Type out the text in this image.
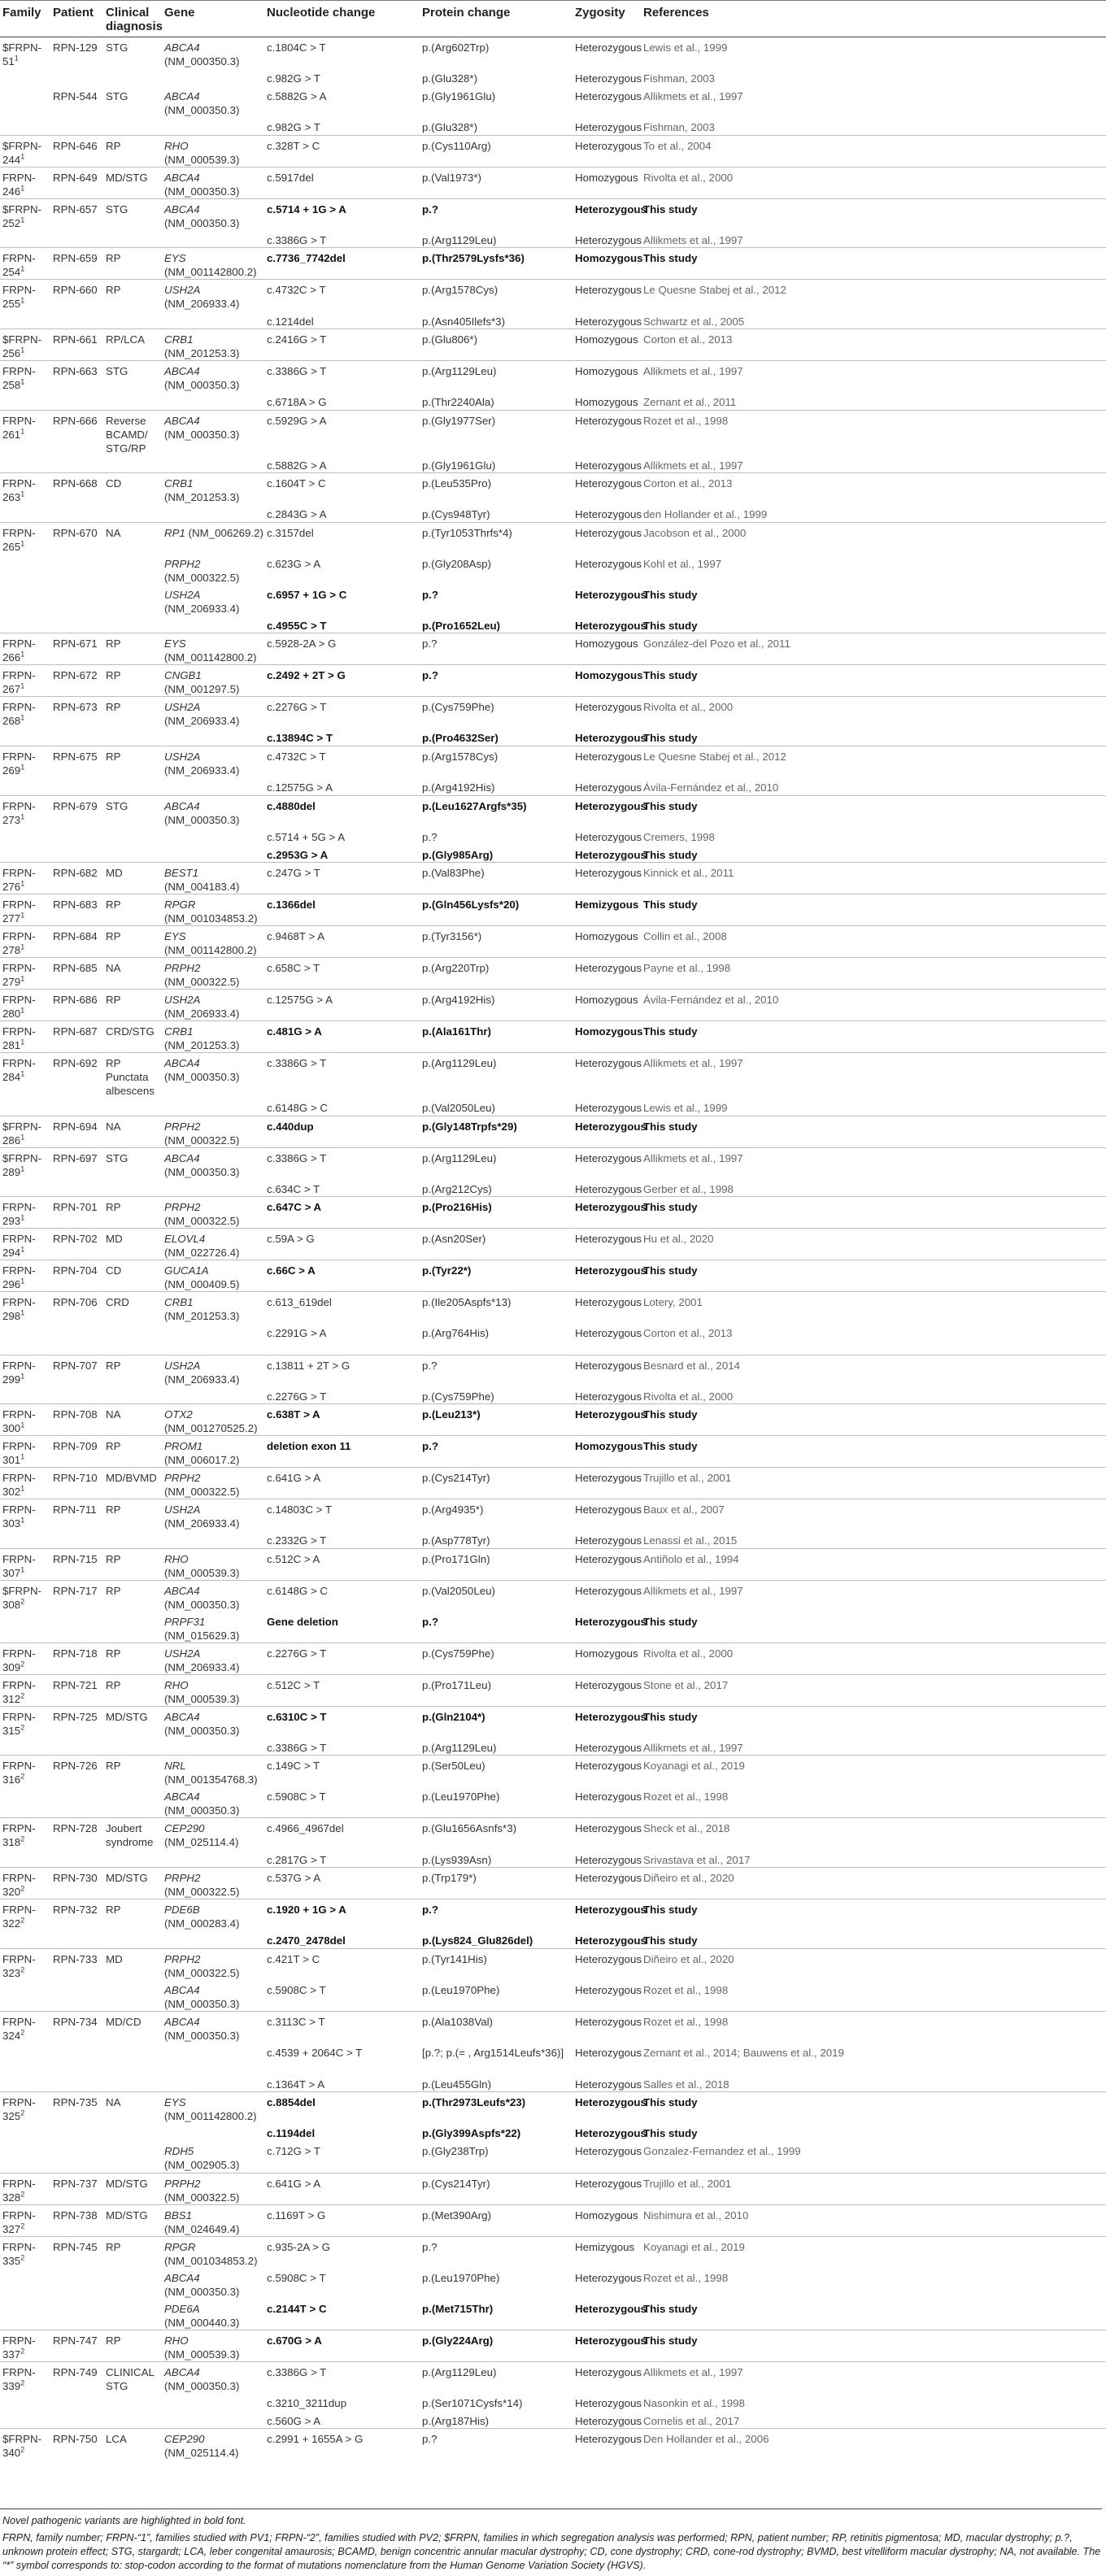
Family	Patient	Clinical diagnosis	Gene	Nucleotide change	Protein change	Zygosity	References
$\$FRPN-51^1$	RPN-129	STG	ABCA4 (NM_000350.3)	c.1804C > T	p.(Arg602Trp)	Heterozygous	Lewis et al., 1999
				c.982G > T	p.(Glu328*)	Heterozygous	Fishman, 2003
	RPN-544	STG	ABCA4 (NM_000350.3)	c.5882G > A	p.(Gly1961Glu)	Heterozygous	Allikmets et al., 1997
				c.982G > T	p.(Glu328*)	Heterozygous	Fishman, 2003
$\$FRPN-244^1$	RPN-646	RP	RHO (NM_000539.3)	c.328T > C	p.(Cys110Arg)	Heterozygous	To et al., 2004
FRPN-$246^1$	RPN-649	MD/STG	ABCA4 (NM_000350.3)	c.5917del	p.(Val1973*)	Homozygous	Rivolta et al., 2000
$\$FRPN-252^1$	RPN-657	STG	ABCA4 (NM_000350.3)	c.5714 + 1G > A	p.?	Heterozygous	This study
				c.3386G > T	p.(Arg1129Leu)	Heterozygous	Allikmets et al., 1997
FRPN-$254^1$	RPN-659	RP	EYS (NM_001142800.2)	c.7736_7742del	p.(Thr2579Lysfs*36)	Homozygous	This study
FRPN-$255^1$	RPN-660	RP	USH2A (NM_206933.4)	c.4732C > T	p.(Arg1578Cys)	Heterozygous	Le Quesne Stabej et al., 2012
				c.1214del	p.(Asn405Ilefs*3)	Heterozygous	Schwartz et al., 2005
$\$FRPN-256^1$	RPN-661	RP/LCA	CRB1 (NM_201253.3)	c.2416G > T	p.(Glu806*)	Homozygous	Corton et al., 2013
FRPN-$258^1$	RPN-663	STG	ABCA4 (NM_000350.3)	c.3386G > T	p.(Arg1129Leu)	Homozygous	Allikmets et al., 1997
				c.6718A > G	p.(Thr2240Ala)	Homozygous	Zernant et al., 2011
FRPN-$261^1$	RPN-666	Reverse BCAMD/ STG/RP	ABCA4 (NM_000350.3)	c.5929G > A	p.(Gly1977Ser)	Heterozygous	Rozet et al., 1998
				c.5882G > A	p.(Gly1961Glu)	Heterozygous	Allikmets et al., 1997
FRPN-$263^1$	RPN-668	CD	CRB1 (NM_201253.3)	c.1604T > C	p.(Leu535Pro)	Heterozygous	Corton et al., 2013
				c.2843G > A	p.(Cys948Tyr)	Heterozygous	den Hollander et al., 1999
FRPN-$265^1$	RPN-670	NA	RP1 (NM_006269.2)	c.3157del	p.(Tyr1053Thrfs*4)	Heterozygous	Jacobson et al., 2000
			PRPH2 (NM_000322.5)	c.623G > A	p.(Gly208Asp)	Heterozygous	Kohl et al., 1997
			USH2A (NM_206933.4)	c.6957 + 1G > C	p.?	Heterozygous	This study
				c.4955C > T	p.(Pro1652Leu)	Heterozygous	This study
FRPN-$266^1$	RPN-671	RP	EYS (NM_001142800.2)	c.5928-2A > G	p.?	Homozygous	González-del Pozo et al., 2011
FRPN-$267^1$	RPN-672	RP	CNGB1 (NM_001297.5)	c.2492 + 2T > G	p.?	Homozygous	This study
FRPN-$268^1$	RPN-673	RP	USH2A (NM_206933.4)	c.2276G > T	p.(Cys759Phe)	Heterozygous	Rivolta et al., 2000
				c.13894C > T	p.(Pro4632Ser)	Heterozygous	This study
FRPN-$269^1$	RPN-675	RP	USH2A (NM_206933.4)	c.4732C > T	p.(Arg1578Cys)	Heterozygous	Le Quesne Stabej et al., 2012
				c.12575G > A	p.(Arg4192His)	Heterozygous	Ávila-Fernández et al., 2010
FRPN-$273^1$	RPN-679	STG	ABCA4 (NM_000350.3)	c.4880del	p.(Leu1627Argfs*35)	Heterozygous	This study
				c.5714 + 5G > A	p.?	Heterozygous	Cremers, 1998
				c.2953G > A	p.(Gly985Arg)	Heterozygous	This study
FRPN-$276^1$	RPN-682	MD	BEST1 (NM_004183.4)	c.247G > T	p.(Val83Phe)	Heterozygous	Kinnick et al., 2011
FRPN-$277^1$	RPN-683	RP	RPGR (NM_001034853.2)	c.1366del	p.(Gln456Lysfs*20)	Hemizygous	This study
FRPN-$278^1$	RPN-684	RP	EYS (NM_001142800.2)	c.9468T > A	p.(Tyr3156*)	Homozygous	Collin et al., 2008
FRPN-$279^1$	RPN-685	NA	PRPH2 (NM_000322.5)	c.658C > T	p.(Arg220Trp)	Heterozygous	Payne et al., 1998
FRPN-$280^1$	RPN-686	RP	USH2A (NM_206933.4)	c.12575G > A	p.(Arg4192His)	Homozygous	Ávila-Fernández et al., 2010
FRPN-$281^1$	RPN-687	CRD/STG	CRB1 (NM_201253.3)	c.481G > A	p.(Ala161Thr)	Homozygous	This study
FRPN-$284^1$	RPN-692	RP Punctata albescens	ABCA4 (NM_000350.3)	c.3386G > T	p.(Arg1129Leu)	Heterozygous	Allikmets et al., 1997
				c.6148G > C	p.(Val2050Leu)	Heterozygous	Lewis et al., 1999
$\$FRPN-286^1$	RPN-694	NA	PRPH2 (NM_000322.5)	c.440dup	p.(Gly148Trpfs*29)	Heterozygous	This study
$\$FRPN-289^1$	RPN-697	STG	ABCA4 (NM_000350.3)	c.3386G > T	p.(Arg1129Leu)	Heterozygous	Allikmets et al., 1997
				c.634C > T	p.(Arg212Cys)	Heterozygous	Gerber et al., 1998
FRPN-$293^1$	RPN-701	RP	PRPH2 (NM_000322.5)	c.647C > A	p.(Pro216His)	Heterozygous	This study
FRPN-$294^1$	RPN-702	MD	ELOVL4 (NM_022726.4)	c.59A > G	p.(Asn20Ser)	Heterozygous	Hu et al., 2020
FRPN-$296^1$	RPN-704	CD	GUCA1A (NM_000409.5)	c.66C > A	p.(Tyr22*)	Heterozygous	This study
FRPN-$298^1$	RPN-706	CRD	CRB1 (NM_201253.3)	c.613_619del	p.(Ile205Aspfs*13)	Heterozygous	Lotery, 2001
				c.2291G > A	p.(Arg764His)	Heterozygous	Corton et al., 2013
FRPN-$299^1$	RPN-707	RP	USH2A (NM_206933.4)	c.13811 + 2T > G	p.?	Heterozygous	Besnard et al., 2014
				c.2276G > T	p.(Cys759Phe)	Heterozygous	Rivolta et al., 2000
FRPN-$300^1$	RPN-708	NA	OTX2 (NM_001270525.2)	c.638T > A	p.(Leu213*)	Heterozygous	This study
FRPN-$301^1$	RPN-709	RP	PROM1 (NM_006017.2)	deletion exon 11	p.?	Homozygous	This study
FRPN-$302^1$	RPN-710	MD/BVMD	PRPH2 (NM_000322.5)	c.641G > A	p.(Cys214Tyr)	Heterozygous	Trujillo et al., 2001
FRPN-$303^1$	RPN-711	RP	USH2A (NM_206933.4)	c.14803C > T	p.(Arg4935*)	Heterozygous	Baux et al., 2007
				c.2332G > T	p.(Asp778Tyr)	Heterozygous	Lenassi et al., 2015
FRPN-$307^1$	RPN-715	RP	RHO (NM_000539.3)	c.512C > A	p.(Pro171Gln)	Heterozygous	Antiñolo et al., 1994
$\$FRPN-308^2$	RPN-717	RP	ABCA4 (NM_000350.3)	c.6148G > C	p.(Val2050Leu)	Heterozygous	Allikmets et al., 1997
			PRPF31 (NM_015629.3)	Gene deletion	p.?	Heterozygous	This study
FRPN-$309^2$	RPN-718	RP	USH2A (NM_206933.4)	c.2276G > T	p.(Cys759Phe)	Homozygous	Rivolta et al., 2000
FRPN-$312^2$	RPN-721	RP	RHO (NM_000539.3)	c.512C > T	p.(Pro171Leu)	Heterozygous	Stone et al., 2017
FRPN-$315^2$	RPN-725	MD/STG	ABCA4 (NM_000350.3)	c.6310C > T	p.(Gln2104*)	Heterozygous	This study
				c.3386G > T	p.(Arg1129Leu)	Heterozygous	Allikmets et al., 1997
FRPN-$316^2$	RPN-726	RP	NRL (NM_001354768.3)	c.149C > T	p.(Ser50Leu)	Heterozygous	Koyanagi et al., 2019
			ABCA4 (NM_000350.3)	c.5908C > T	p.(Leu1970Phe)	Heterozygous	Rozet et al., 1998
FRPN-$318^2$	RPN-728	Joubert syndrome	CEP290 (NM_025114.4)	c.4966_4967del	p.(Glu1656Asnfs*3)	Heterozygous	Sheck et al., 2018
				c.2817G > T	p.(Lys939Asn)	Heterozygous	Srivastava et al., 2017
FRPN-$320^2$	RPN-730	MD/STG	PRPH2 (NM_000322.5)	c.537G > A	p.(Trp179*)	Heterozygous	Diñeiro et al., 2020
FRPN-$322^2$	RPN-732	RP	PDE6B (NM_000283.4)	c.1920 + 1G > A	p.?	Heterozygous	This study
				c.2470_2478del	p.(Lys824_Glu826del)	Heterozygous	This study
FRPN-$323^2$	RPN-733	MD	PRPH2 (NM_000322.5)	c.421T > C	p.(Tyr141His)	Heterozygous	Diñeiro et al., 2020
			ABCA4 (NM_000350.3)	c.5908C > T	p.(Leu1970Phe)	Heterozygous	Rozet et al., 1998
FRPN-$324^2$	RPN-734	MD/CD	ABCA4 (NM_000350.3)	c.3113C > T	p.(Ala1038Val)	Heterozygous	Rozet et al., 1998
				c.4539 + 2064C > T	[p.?; p.(= , Arg1514Leufs*36)]	Heterozygous	Zernant et al., 2014; Bauwens et al., 2019
				c.1364T > A	p.(Leu455Gln)	Heterozygous	Salles et al., 2018
FRPN-$325^2$	RPN-735	NA	EYS (NM_001142800.2)	c.8854del	p.(Thr2973Leufs*23)	Heterozygous	This study
				c.1194del	p.(Gly399Aspfs*22)	Heterozygous	This study
			RDH5 (NM_002905.3)	c.712G > T	p.(Gly238Trp)	Heterozygous	Gonzalez-Fernandez et al., 1999
FRPN-$328^2$	RPN-737	MD/STG	PRPH2 (NM_000322.5)	c.641G > A	p.(Cys214Tyr)	Heterozygous	Trujillo et al., 2001
FRPN-$327^2$	RPN-738	MD/STG	BBS1 (NM_024649.4)	c.1169T > G	p.(Met390Arg)	Homozygous	Nishimura et al., 2010
FRPN-$335^2$	RPN-745	RP	RPGR (NM_001034853.2)	c.935-2A > G	p.?	Hemizygous	Koyanagi et al., 2019
			ABCA4 (NM_000350.3)	c.5908C > T	p.(Leu1970Phe)	Heterozygous	Rozet et al., 1998
			PDE6A (NM_000440.3)	c.2144T > C	p.(Met715Thr)	Heterozygous	This study
FRPN-$337^2$	RPN-747	RP	RHO (NM_000539.3)	c.670G > A	p.(Gly224Arg)	Heterozygous	This study
FRPN-$339^2$	RPN-749	CLINICAL STG	ABCA4 (NM_000350.3)	c.3386G > T	p.(Arg1129Leu)	Heterozygous	Allikmets et al., 1997
				c.3210_3211dup	p.(Ser1071Cysfs*14)	Heterozygous	Nasonkin et al., 1998
				c.560G > A	p.(Arg187His)	Heterozygous	Cornelis et al., 2017
$\$FRPN-340^2$	RPN-750	LCA	CEP290 (NM_025114.4)	c.2991 + 1655A > G	p.?	Heterozygous	Den Hollander et al., 2006

Novel pathogenic variants are highlighted in bold font.

FRPN, family number; FRPN-“1”, families studied with PV1; FRPN-“2”, families studied with PV2; $FRPN, families in which segregation analysis was performed; RPN, patient number; RP, retinitis pigmentosa; MD, macular dystrophy; p.?, unknown protein effect; STG, stargardt; LCA, leber congenital amaurosis; BCAMD, benign concentric annular macular dystrophy; CD, cone dystrophy; CRD, cone-rod dystrophy; BVMD, best vitelliform macular dystrophy; NA, not available. The “*” symbol corresponds to: stop-codon according to the format of mutations nomenclature from the Human Genome Variation Society (HGVS).
